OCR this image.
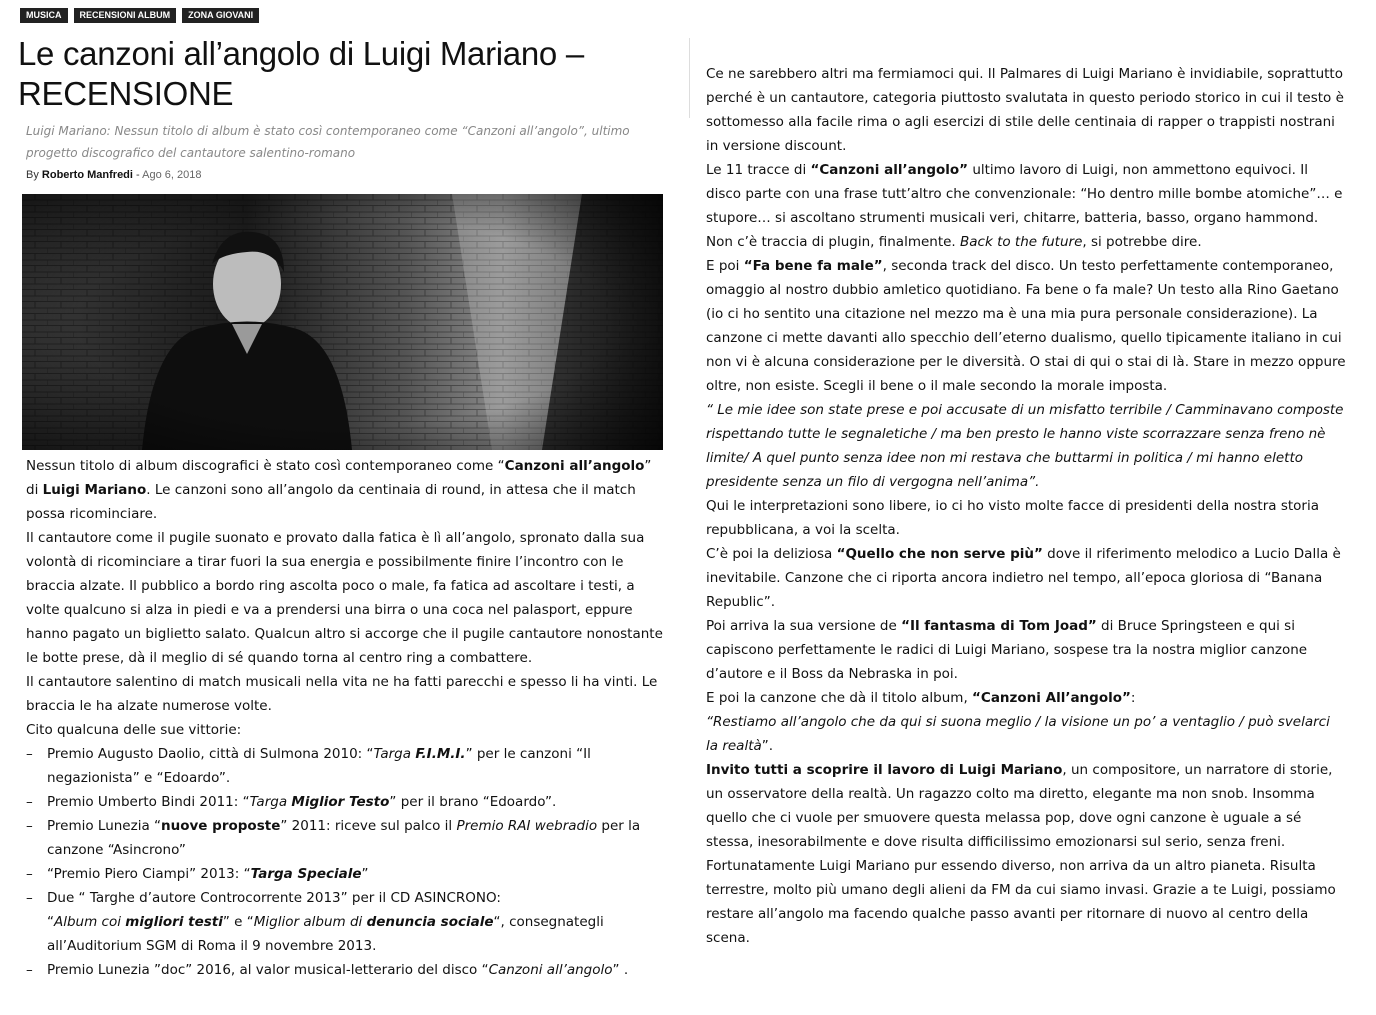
MUSICA	RECENSIONI ALBUM	ZONA GIOVANI
Le canzoni all’angolo di Luigi Mariano – RECENSIONE

Luigi Mariano: Nessun titolo di album è stato così contemporaneo come “Canzoni all’angolo”, ultimo progetto discografico del cantautore salentino-romano

By Roberto Manfredi - Ago 6, 2018

Nessun titolo di album discografici è stato così contemporaneo come “Canzoni all’angolo” di Luigi Mariano. Le canzoni sono all’angolo da centinaia di round, in attesa che il match possa ricominciare.

Il cantautore come il pugile suonato e provato dalla fatica è lì all’angolo, spronato dalla sua volontà di ricominciare a tirar fuori la sua energia e possibilmente finire l’incontro con le braccia alzate. Il pubblico a bordo ring ascolta poco o male, fa fatica ad ascoltare i testi, a volte qualcuno si alza in piedi e va a prendersi una birra o una coca nel palasport, eppure hanno pagato un biglietto salato. Qualcun altro si accorge che il pugile cantautore nonostante le botte prese, dà il meglio di sé quando torna al centro ring a combattere.

Il cantautore salentino di match musicali nella vita ne ha fatti parecchi e spesso li ha vinti. Le braccia le ha alzate numerose volte.

Cito qualcuna delle sue vittorie:

– Premio Augusto Daolio, città di Sulmona 2010: “Targa F.I.M.I.” per le canzoni “Il negazionista” e “Edoardo”.
– Premio Umberto Bindi 2011: “Targa Miglior Testo” per il brano “Edoardo”.
– Premio Lunezia “nuove proposte” 2011: riceve sul palco il Premio RAI webradio per la canzone “Asincrono”
– “Premio Piero Ciampi” 2013: “Targa Speciale”
– Due “ Targhe d’autore Controcorrente 2013” per il CD ASINCRONO:
“Album coi migliori testi” e “Miglior album di denuncia sociale“, consegnategli all’Auditorium SGM di Roma il 9 novembre 2013.
– Premio Lunezia ”doc” 2016, al valor musical-letterario del disco “Canzoni all’angolo” .

Ce ne sarebbero altri ma fermiamoci qui. Il Palmares di Luigi Mariano è invidiabile, soprattutto perché è un cantautore, categoria piuttosto svalutata in questo periodo storico in cui il testo è sottomesso alla facile rima o agli esercizi di stile delle centinaia di rapper o trappisti nostrani in versione discount.

Le 11 tracce di “Canzoni all’angolo” ultimo lavoro di Luigi, non ammettono equivoci. Il disco parte con una frase tutt’altro che convenzionale: “Ho dentro mille bombe atomiche”… e stupore… si ascoltano strumenti musicali veri, chitarre, batteria, basso, organo hammond. Non c’è traccia di plugin, finalmente. Back to the future, si potrebbe dire.

E poi “Fa bene fa male”, seconda track del disco. Un testo perfettamente contemporaneo, omaggio al nostro dubbio amletico quotidiano. Fa bene o fa male? Un testo alla Rino Gaetano (io ci ho sentito una citazione nel mezzo ma è una mia pura personale considerazione). La canzone ci mette davanti allo specchio dell’eterno dualismo, quello tipicamente italiano in cui non vi è alcuna considerazione per le diversità. O stai di qui o stai di là. Stare in mezzo oppure oltre, non esiste. Scegli il bene o il male secondo la morale imposta.

“ Le mie idee son state prese e poi accusate di un misfatto terribile / Camminavano composte rispettando tutte le segnaletiche / ma ben presto le hanno viste scorrazzare senza freno nè limite/ A quel punto senza idee non mi restava che buttarmi in politica / mi hanno eletto presidente senza un filo di vergogna nell’anima”.

Qui le interpretazioni sono libere, io ci ho visto molte facce di presidenti della nostra storia repubblicana, a voi la scelta.

C’è poi la deliziosa “Quello che non serve più” dove il riferimento melodico a Lucio Dalla è inevitabile. Canzone che ci riporta ancora indietro nel tempo, all’epoca gloriosa di “Banana Republic”.

Poi arriva la sua versione de “Il fantasma di Tom Joad” di Bruce Springsteen e qui si capiscono perfettamente le radici di Luigi Mariano, sospese tra la nostra miglior canzone d’autore e il Boss da Nebraska in poi.

E poi la canzone che dà il titolo album, “Canzoni All’angolo”:

“Restiamo all’angolo che da qui si suona meglio / la visione un po’ a ventaglio / può svelarci la realtà”.

Invito tutti a scoprire il lavoro di Luigi Mariano, un compositore, un narratore di storie, un osservatore della realtà. Un ragazzo colto ma diretto, elegante ma non snob. Insomma quello che ci vuole per smuovere questa melassa pop, dove ogni canzone è uguale a sé stessa, inesorabilmente e dove risulta difficilissimo emozionarsi sul serio, senza freni. Fortunatamente Luigi Mariano pur essendo diverso, non arriva da un altro pianeta. Risulta terrestre, molto più umano degli alieni da FM da cui siamo invasi. Grazie a te Luigi, possiamo restare all’angolo ma facendo qualche passo avanti per ritornare di nuovo al centro della scena.
